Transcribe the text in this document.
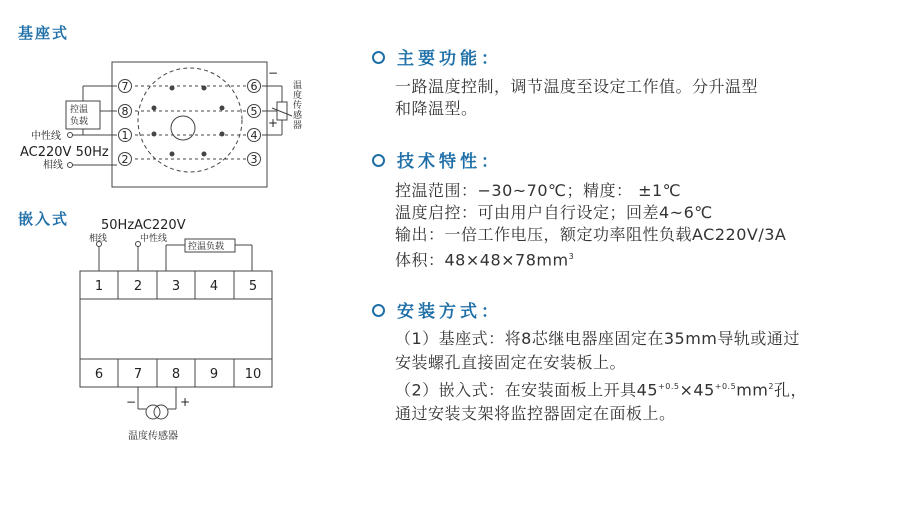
基座式
嵌入式
7
8
1
2
6
5
4
3
控温
负载
中性线
AC220V 50Hz
相线
−
+ 温度传感器
1 2 3 4 5
6 7 8 9 10
50HzAC220V
相线	中性线
控温负载
−	+
温度传感器
主要功能：
一路温度控制，调节温度至设定工作值。分升温型
和降温型。
技术特性：
控温范围：−30~70℃；精度： ±1℃
温度启控：可由用户自行设定；回差4~6℃
输出：一倍工作电压，额定功率阻性负载AC220V/3A
体积：$48\times 48\times 78mm^3$
安装方式：
（1）基座式：将8芯继电器座固定在35mm导轨或通过
安装螺孔直接固定在安装板上。
（2）嵌入式：在安装面板上开具$45^{+0.5}\times 45^{+0.5}mm^2$孔，
通过安装支架将监控器固定在面板上。
